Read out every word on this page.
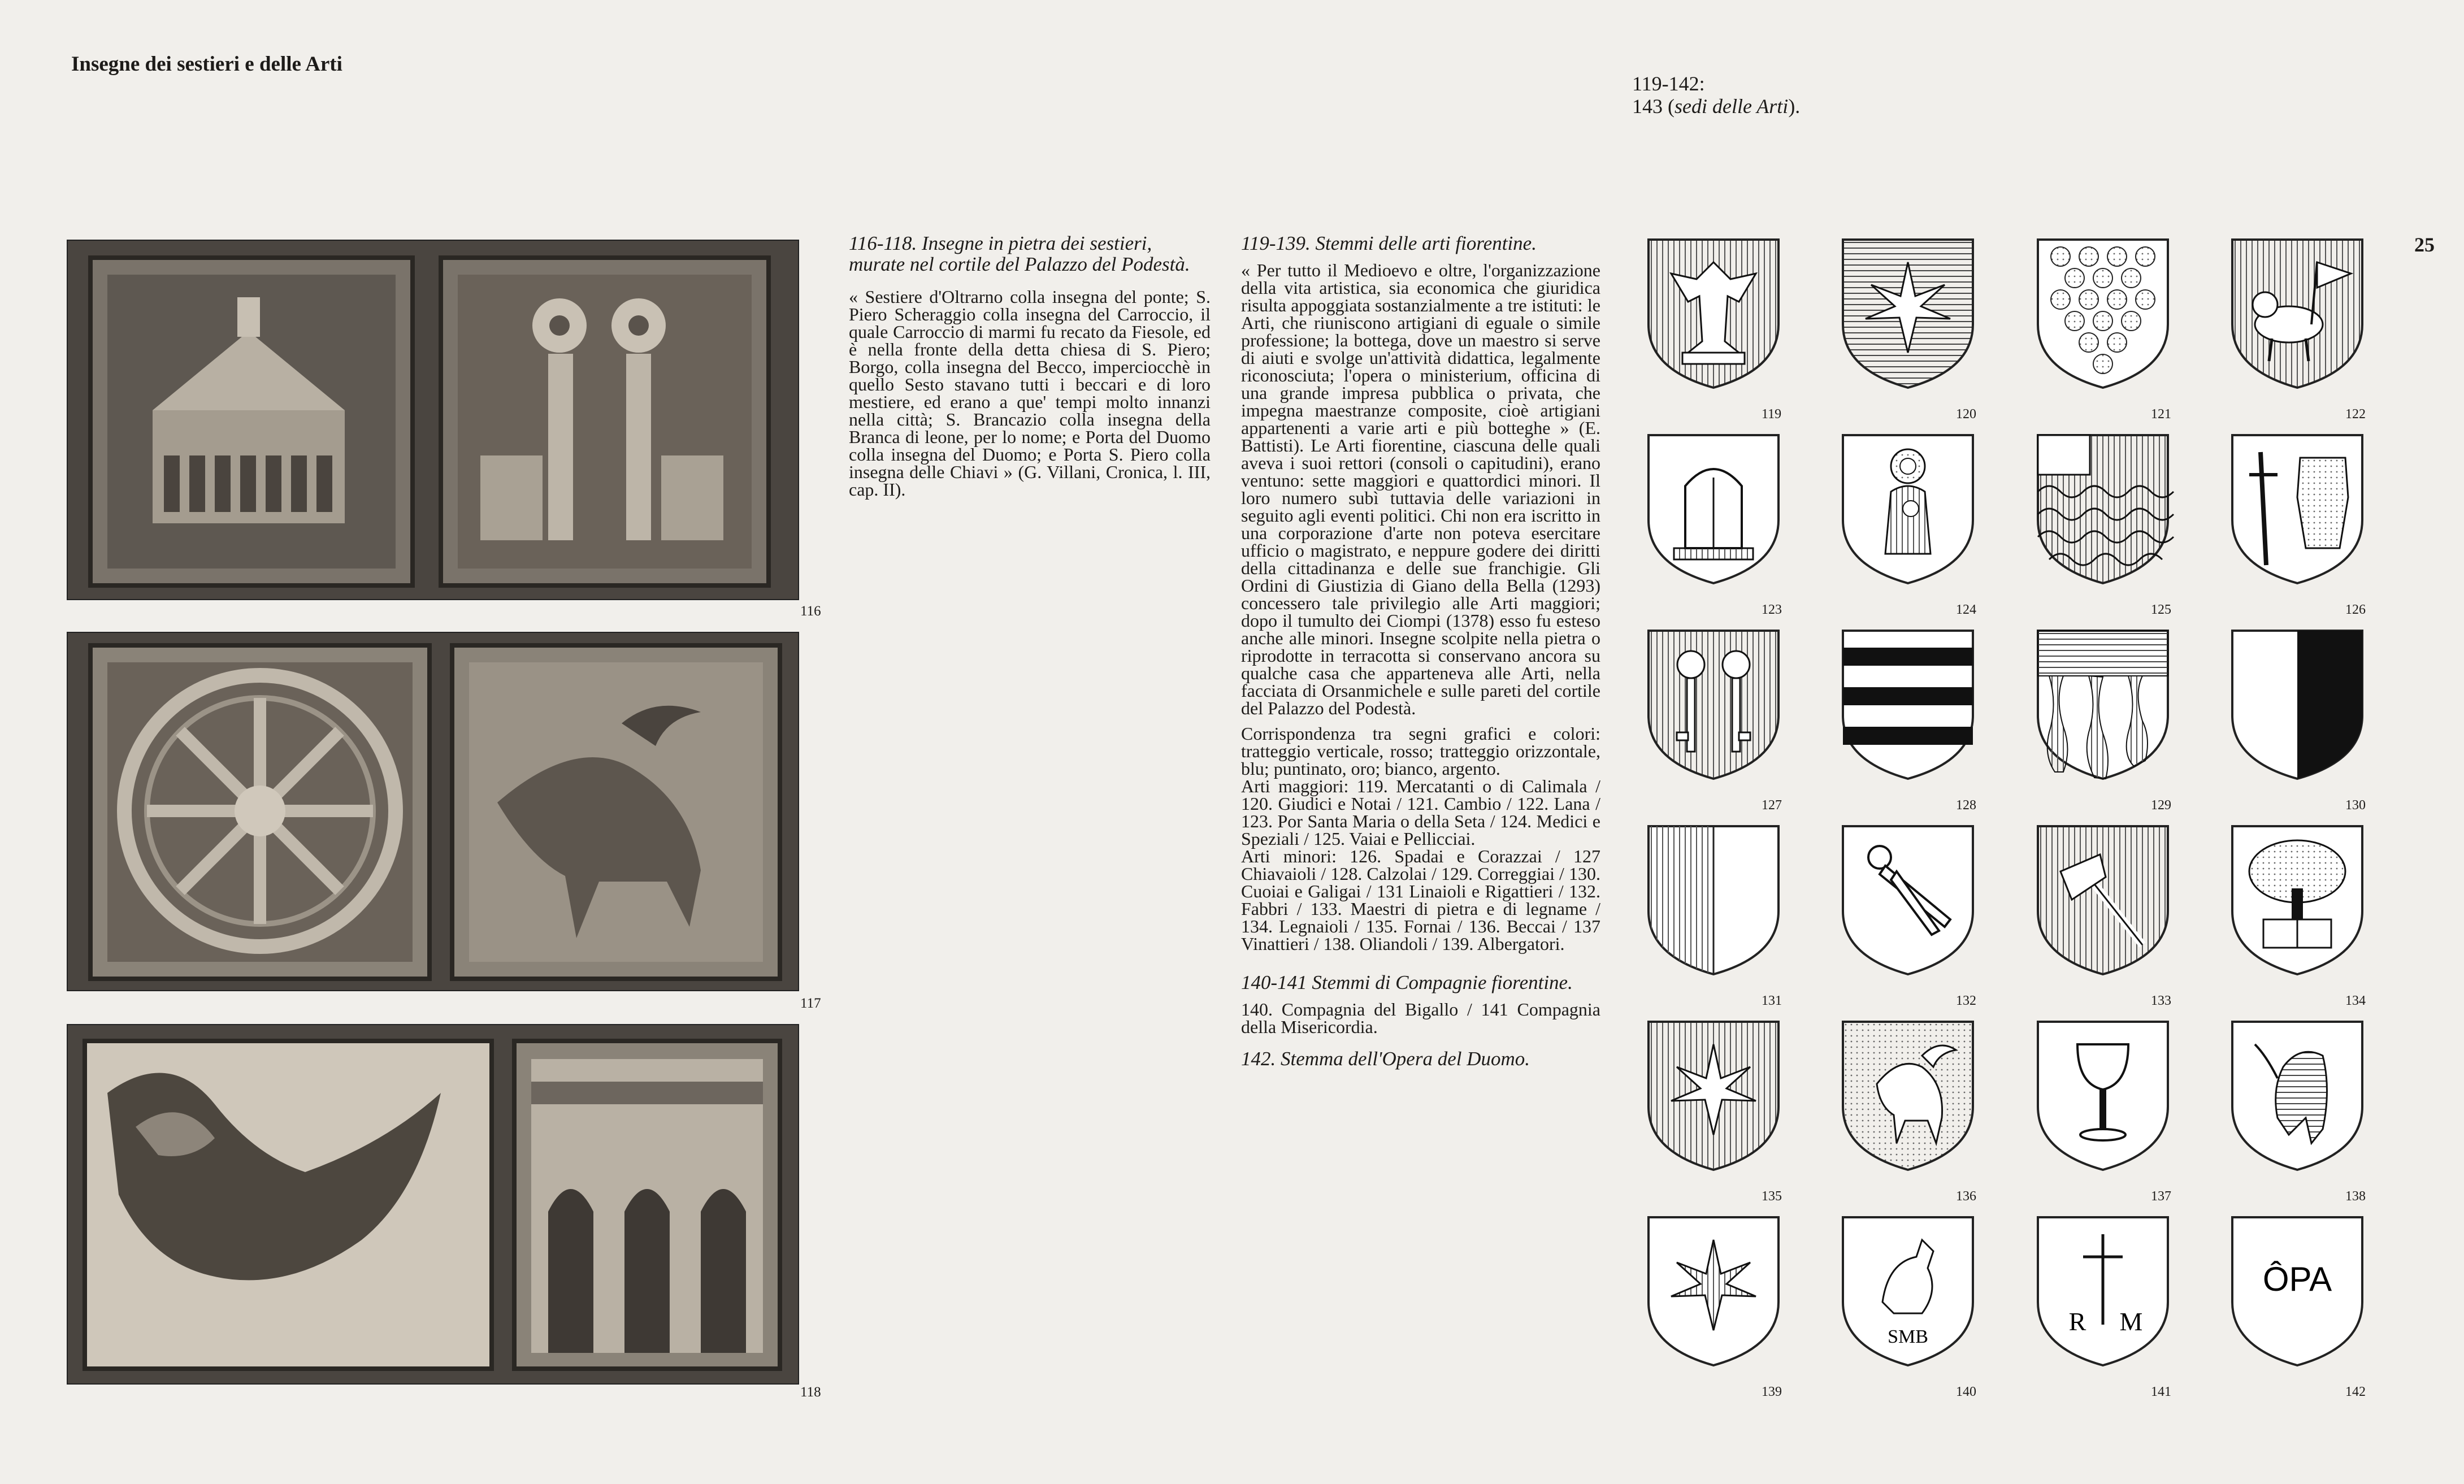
Insegne dei sestieri e delle Arti
119-142:
143 (sedi delle Arti).
25
116
117
118

116-118. Insegne in pietra dei sestieri, murate nel cortile del Palazzo del Podestà.

« Sestiere d'Oltrarno colla insegna del ponte; S. Piero Scheraggio colla insegna del Carroccio, il quale Carroccio di marmi fu recato da Fiesole, ed è nella fronte della detta chiesa di S. Piero; Borgo, colla insegna del Becco, imperciocchè in quello Sesto stavano tutti i beccari e di loro mestiere, ed erano a que' tempi molto innanzi nella città; S. Brancazio colla insegna della Branca di leone, per lo nome; e Porta del Duomo colla insegna del Duomo; e Porta S. Piero colla insegna delle Chiavi » (G. Villani, Cronica, l. III, cap. II).

119-139. Stemmi delle arti fiorentine.

« Per tutto il Medioevo e oltre, l'organizzazione della vita artistica, sia economica che giuridica risulta appoggiata sostanzialmente a tre istituti: le Arti, che riuniscono artigiani di eguale o simile professione; la bottega, dove un maestro si serve di aiuti e svolge un'attività didattica, legalmente riconosciuta; l'opera o ministerium, officina di una grande impresa pubblica o privata, che impegna maestranze composite, cioè artigiani appartenenti a varie arti e più botteghe » (E. Battisti). Le Arti fiorentine, ciascuna delle quali aveva i suoi rettori (consoli o capitudini), erano ventuno: sette maggiori e quattordici minori. Il loro numero subì tuttavia delle variazioni in seguito agli eventi politici. Chi non era iscritto in una corporazione d'arte non poteva esercitare ufficio o magistrato, e neppure godere dei diritti della cittadinanza e delle sue franchigie. Gli Ordini di Giustizia di Giano della Bella (1293) concessero tale privilegio alle Arti maggiori; dopo il tumulto dei Ciompi (1378) esso fu esteso anche alle minori. Insegne scolpite nella pietra o riprodotte in terracotta si conservano ancora su qualche casa che apparteneva alle Arti, nella facciata di Orsanmichele e sulle pareti del cortile del Palazzo del Podestà.

Corrispondenza tra segni grafici e colori: tratteggio verticale, rosso; tratteggio orizzontale, blu; puntinato, oro; bianco, argento.

Arti maggiori: 119. Mercatanti o di Calimala / 120. Giudici e Notai / 121. Cambio / 122. Lana / 123. Por Santa Maria o della Seta / 124. Medici e Speziali / 125. Vaiai e Pellicciai.

Arti minori: 126. Spadai e Corazzai / 127 Chiavaioli / 128. Calzolai / 129. Correggiai / 130. Cuoiai e Galigai / 131 Linaioli e Rigattieri / 132. Fabbri / 133. Maestri di pietra e di legname / 134. Legnaioli / 135. Fornai / 136. Beccai / 137 Vinattieri / 138. Oliandoli / 139. Albergatori.

140-141 Stemmi di Compagnie fiorentine.

140. Compagnia del Bigallo / 141 Compagnia della Misericordia.

142. Stemma dell'Opera del Duomo.

SMB
R M
ÔPA
119	120	121	122
123	124	125	126
127	128	129	130
131	132	133	134
135	136	137	138
139	140	141	142
